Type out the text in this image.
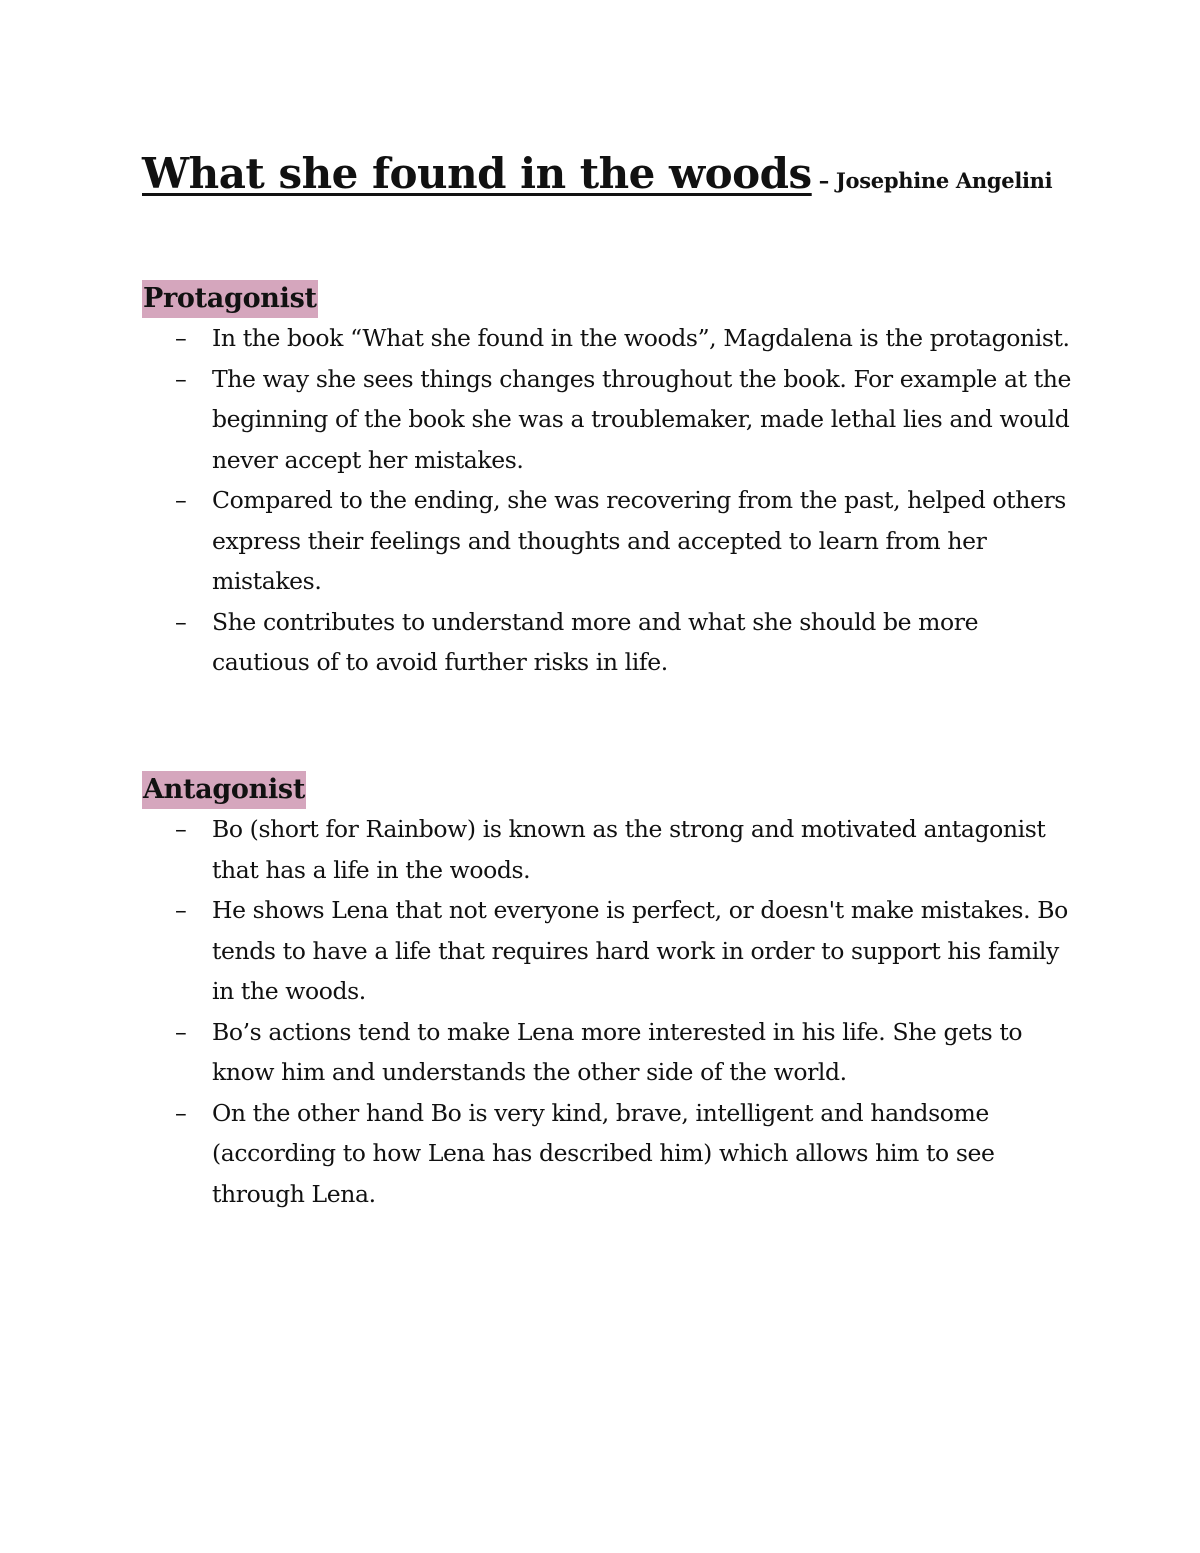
What she found in the woods – Josephine Angelini
Protagonist
– In the book “What she found in the woods”, Magdalena is the protagonist.
– The way she sees things changes throughout the book. For example at the beginning of the book she was a troublemaker, made lethal lies and would never accept her mistakes.
– Compared to the ending, she was recovering from the past, helped others express their feelings and thoughts and accepted to learn from her mistakes.
– She contributes to understand more and what she should be more cautious of to avoid further risks in life.
Antagonist
– Bo (short for Rainbow) is known as the strong and motivated antagonist that has a life in the woods.
– He shows Lena that not everyone is perfect, or doesn't make mistakes. Bo tends to have a life that requires hard work in order to support his family in the woods.
– Bo’s actions tend to make Lena more interested in his life. She gets to know him and understands the other side of the world.
– On the other hand Bo is very kind, brave, intelligent and handsome (according to how Lena has described him) which allows him to see through Lena.
